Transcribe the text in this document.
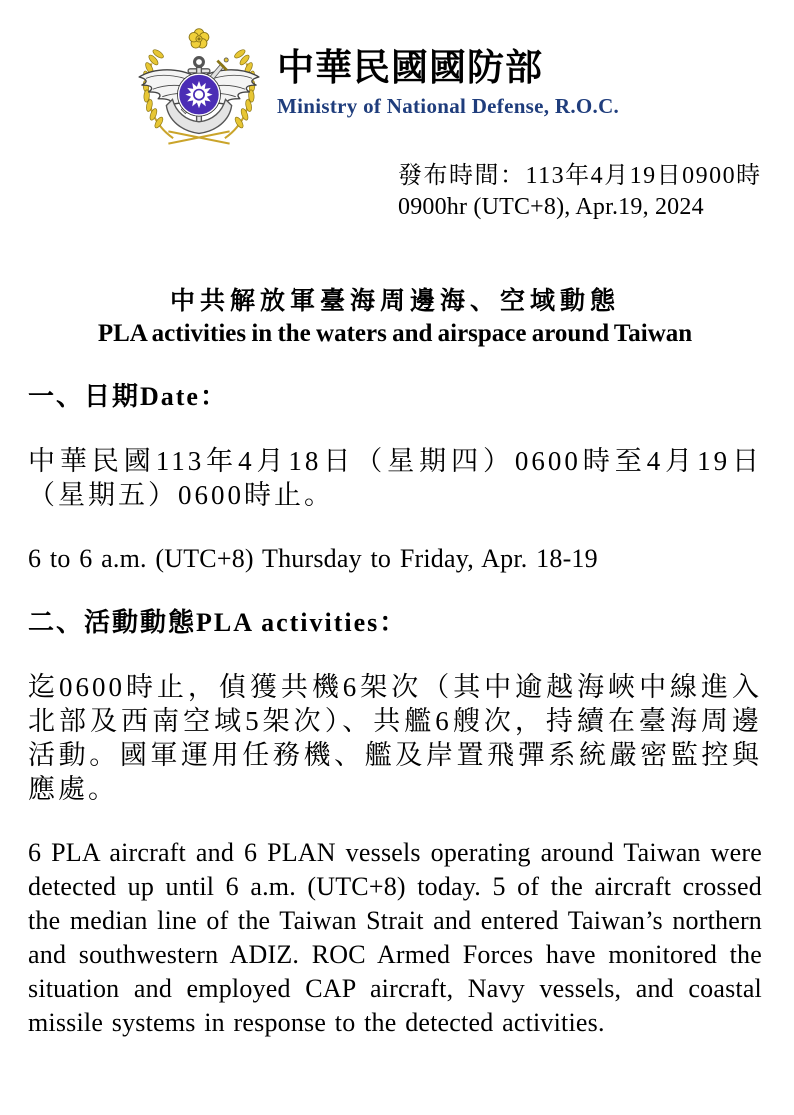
中華民國國防部
Ministry of National Defense, R.O.C.
發布時間：113年4月19日0900時
0900hr (UTC+8), Apr.19, 2024
中共解放軍臺海周邊海、空域動態
PLA activities in the waters and airspace around Taiwan
一、日期Date：

中華民國113年4月18日（星期四）0600時至4月19日（星期五）0600時止。

6 to 6 a.m. (UTC+8) Thursday to Friday, Apr. 18-19

二、活動動態PLA activities：

迄0600時止，偵獲共機6架次（其中逾越海峽中線進入北部及西南空域5架次）、共艦6艘次，持續在臺海周邊活動。國軍運用任務機、艦及岸置飛彈系統嚴密監控與應處。

6 PLA aircraft and 6 PLAN vessels operating around Taiwan were detected up until 6 a.m. (UTC+8) today. 5 of the aircraft crossed the median line of the Taiwan Strait and entered Taiwan’s northern and southwestern ADIZ. ROC Armed Forces have monitored the situation and employed CAP aircraft, Navy vessels, and coastal missile systems in response to the detected activities.
